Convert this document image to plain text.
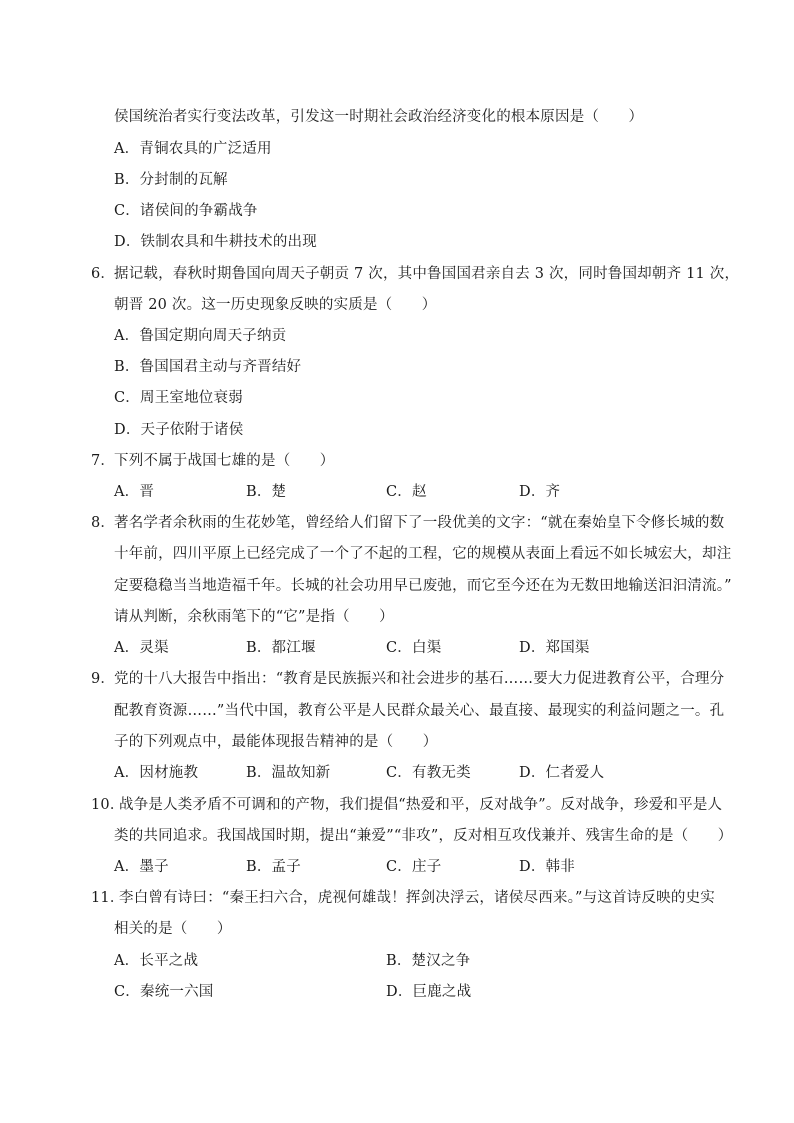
侯国统治者实行变法改革，引发这一时期社会政治经济变化的根本原因是（　　）
A．青铜农具的广泛适用
B．分封制的瓦解
C．诸侯间的争霸战争
D．铁制农具和牛耕技术的出现
6．
据记载，春秋时期鲁国向周天子朝贡 7 次，其中鲁国国君亲自去 3 次，同时鲁国却朝齐 11 次，
朝晋 20 次。这一历史现象反映的实质是（　　）
A．鲁国定期向周天子纳贡
B．鲁国国君主动与齐晋结好
C．周王室地位衰弱
D．天子依附于诸侯
7．
下列不属于战国七雄的是（　　）
A．晋	B．楚	C．赵	D．齐
8．
著名学者余秋雨的生花妙笔，曾经给人们留下了一段优美的文字：“就在秦始皇下令修长城的数
十年前，四川平原上已经完成了一个了不起的工程，它的规模从表面上看远不如长城宏大，却注
定要稳稳当当地造福千年。长城的社会功用早已废弛，而它至今还在为无数田地输送汩汩清流。”
请从判断，余秋雨笔下的“它”是指（　　）
A．灵渠	B．都江堰	C．白渠	D．郑国渠
9．
党的十八大报告中指出：“教育是民族振兴和社会进步的基石……要大力促进教育公平，合理分
配教育资源……”当代中国，教育公平是人民群众最关心、最直接、最现实的利益问题之一。孔
子的下列观点中，最能体现报告精神的是（　　）
A．因材施教	B．温故知新	C．有教无类	D．仁者爱人
10．
战争是人类矛盾不可调和的产物，我们提倡“热爱和平，反对战争”。反对战争，珍爱和平是人
类的共同追求。我国战国时期，提出“兼爱”“非攻”，反对相互攻伐兼并、残害生命的是（　　）
A．墨子	B．孟子	C．庄子	D．韩非
11．
李白曾有诗曰：“秦王扫六合，虎视何雄哉！挥剑决浮云，诸侯尽西来。”与这首诗反映的史实
相关的是（　　）
A．长平之战	B．楚汉之争
C．秦统一六国	D．巨鹿之战
